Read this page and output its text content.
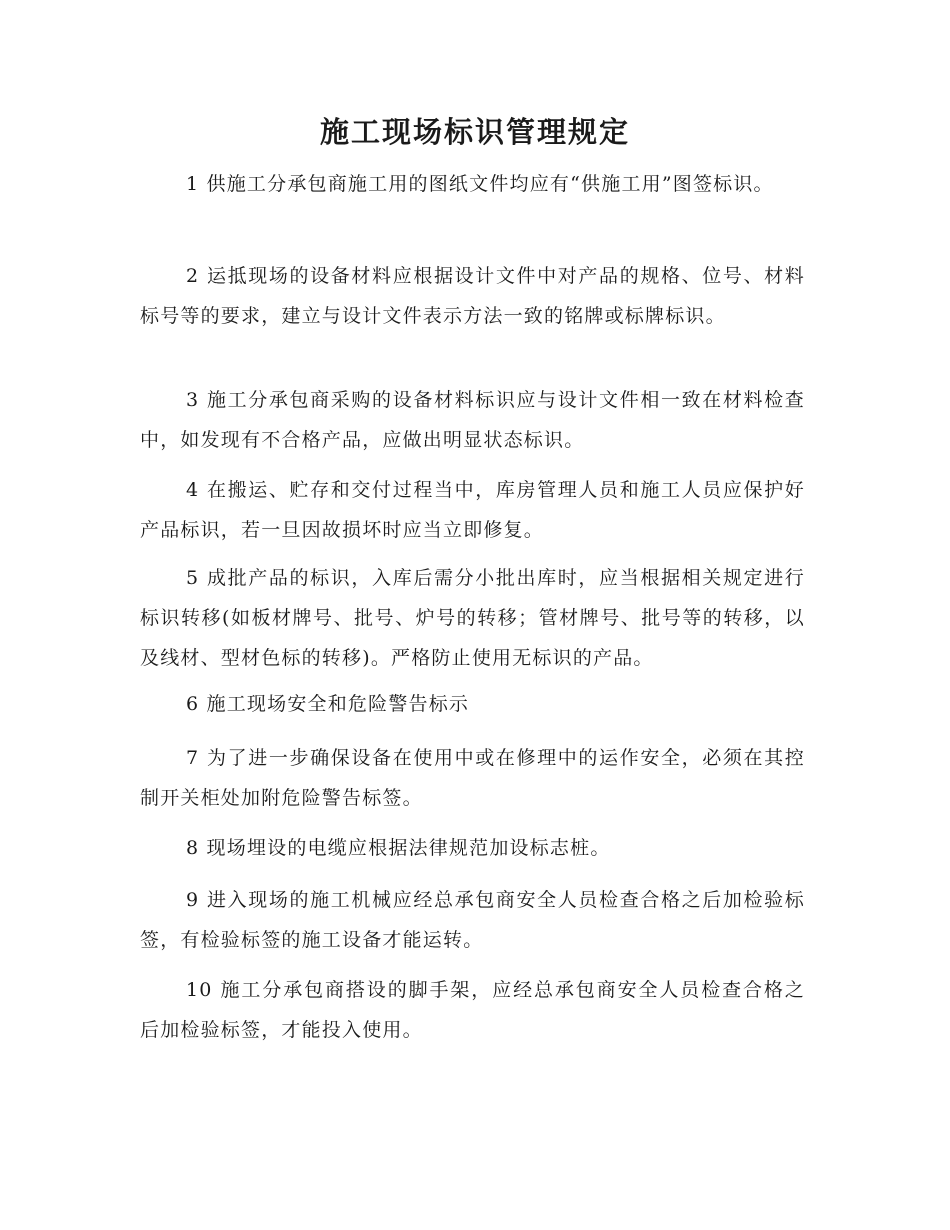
施工现场标识管理规定

1 供施工分承包商施工用的图纸文件均应有“供施工用”图签标识。

2 运抵现场的设备材料应根据设计文件中对产品的规格、位号、材料标号等的要求，建立与设计文件表示方法一致的铭牌或标牌标识。

3 施工分承包商采购的设备材料标识应与设计文件相一致在材料检查中，如发现有不合格产品，应做出明显状态标识。

4 在搬运、贮存和交付过程当中，库房管理人员和施工人员应保护好产品标识，若一旦因故损坏时应当立即修复。

5 成批产品的标识，入库后需分小批出库时，应当根据相关规定进行标识转移(如板材牌号、批号、炉号的转移；管材牌号、批号等的转移，以及线材、型材色标的转移)。严格防止使用无标识的产品。

6 施工现场安全和危险警告标示

7 为了进一步确保设备在使用中或在修理中的运作安全，必须在其控制开关柜处加附危险警告标签。

8 现场埋设的电缆应根据法律规范加设标志桩。

9 进入现场的施工机械应经总承包商安全人员检查合格之后加检验标签，有检验标签的施工设备才能运转。

10 施工分承包商搭设的脚手架，应经总承包商安全人员检查合格之后加检验标签，才能投入使用。
